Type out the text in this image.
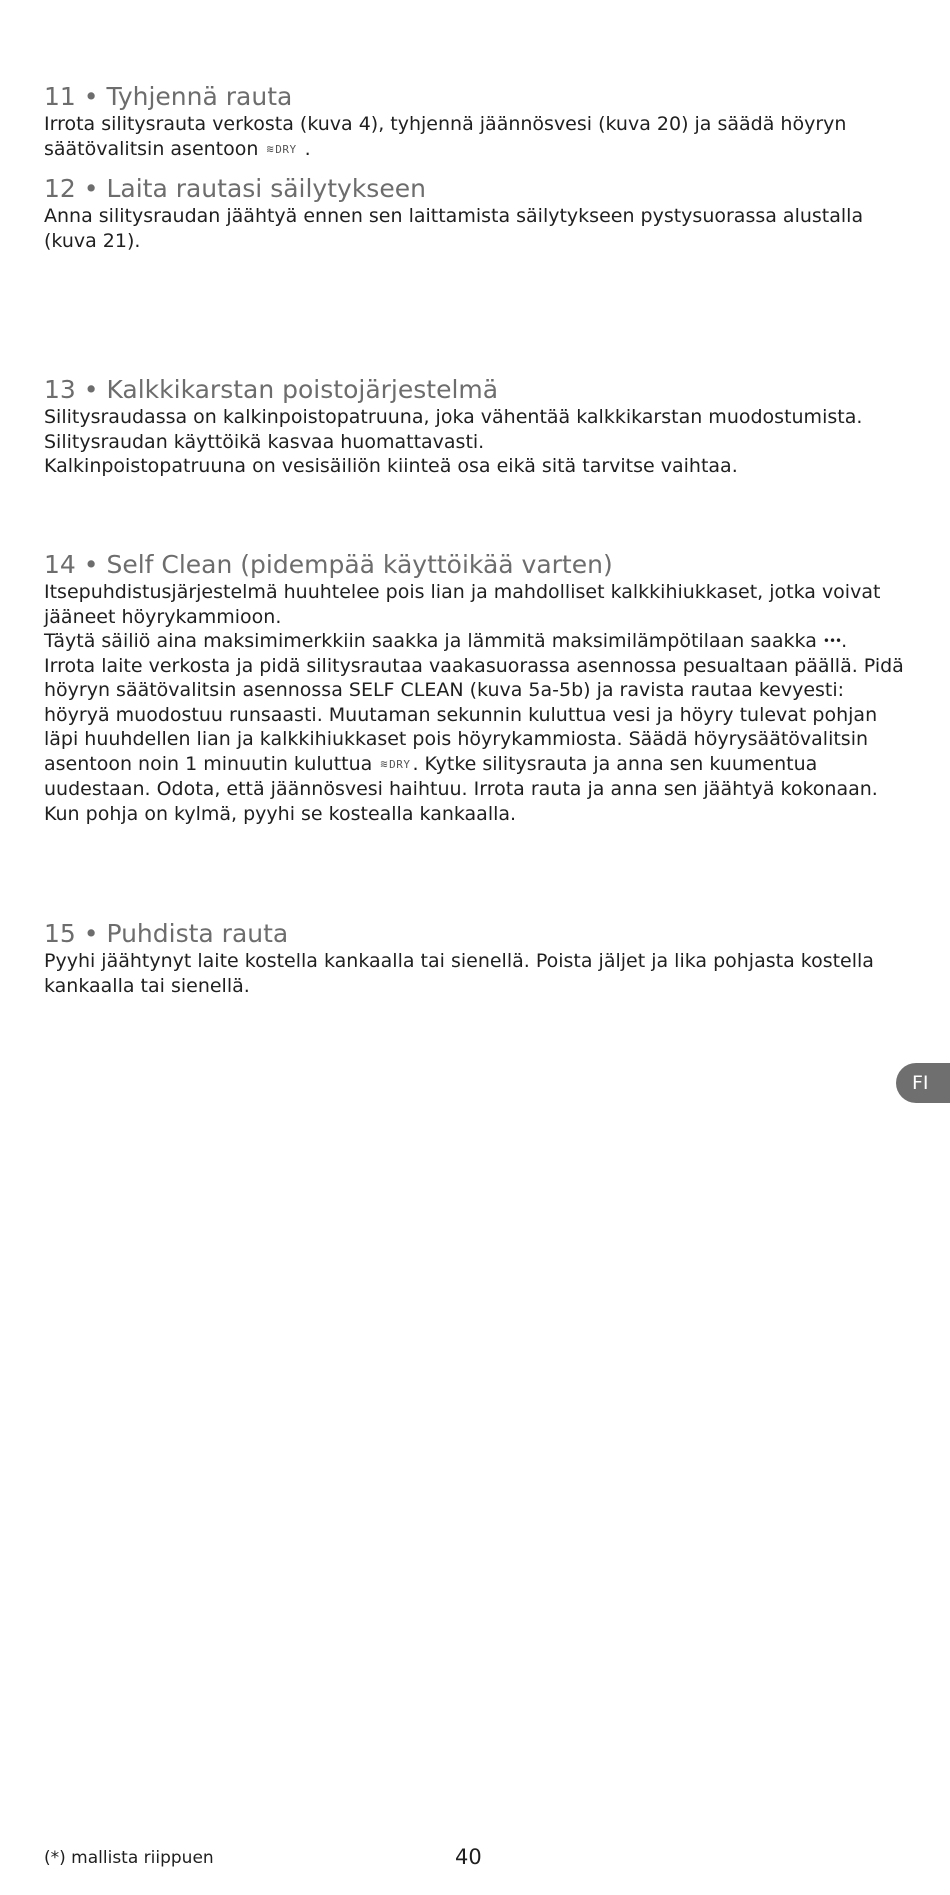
11 • Tyhjennä rauta

Irrota silitysrauta verkosta (kuva 4), tyhjennä jäännösvesi (kuva 20) ja säädä höyryn säätövalitsin asentoon ≋DRY .

12 • Laita rautasi säilytykseen

Anna silitysraudan jäähtyä ennen sen laittamista säilytykseen pystysuorassa alustalla (kuva 21).

13 • Kalkkikarstan poistojärjestelmä

Silitysraudassa on kalkinpoistopatruuna, joka vähentää kalkkikarstan muodostumista. Silitysraudan käyttöikä kasvaa huomattavasti.

Kalkinpoistopatruuna on vesisäiliön kiinteä osa eikä sitä tarvitse vaihtaa.

14 • Self Clean (pidempää käyttöikää varten)

Itsepuhdistusjärjestelmä huuhtelee pois lian ja mahdolliset kalkkihiukkaset, jotka voivat jääneet höyrykammioon.

Täytä säiliö aina maksimimerkkiin saakka ja lämmitä maksimilämpötilaan saakka •••. Irrota laite verkosta ja pidä silitysrautaa vaakasuorassa asennossa pesualtaan päällä. Pidä höyryn säätövalitsin asennossa SELF CLEAN (kuva 5a-5b) ja ravista rautaa kevyesti: höyryä muodostuu runsaasti. Muutaman sekunnin kuluttua vesi ja höyry tulevat pohjan läpi huuhdellen lian ja kalkkihiukkaset pois höyrykammiosta. Säädä höyrysäätövalitsin asentoon noin 1 minuutin kuluttua ≋DRY . Kytke silitysrauta ja anna sen kuumentua uudestaan. Odota, että jäännösvesi haihtuu. Irrota rauta ja anna sen jäähtyä kokonaan. Kun pohja on kylmä, pyyhi se kostealla kankaalla.

15 • Puhdista rauta

Pyyhi jäähtynyt laite kostella kankaalla tai sienellä. Poista jäljet ja lika pohjasta kostella kankaalla tai sienellä.

FI
(*) mallista riippuen	40
